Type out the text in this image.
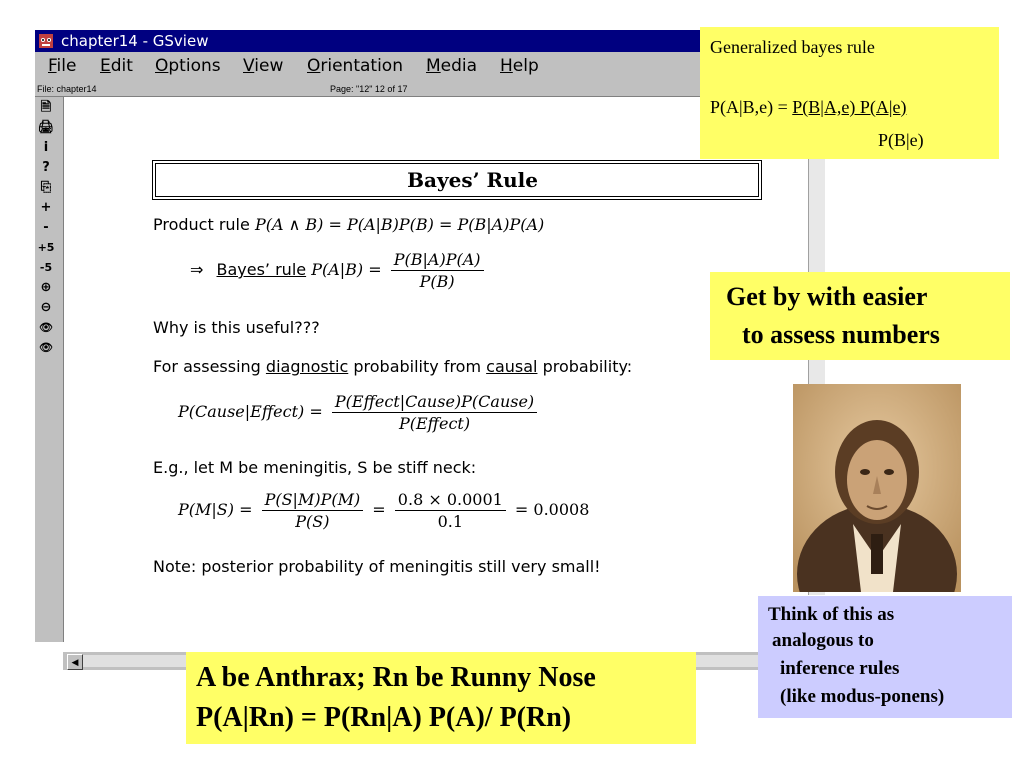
chapter14 - GSview
File Edit Options View Orientation Media Help
File: chapter14	Page: "12" 12 of 17
🗎
🖨
i
?
⎘
+
-
+5
-5
⊕
⊖
👁
👁
◀
Bayes’ Rule
Product rule P(A ∧ B) = P(A|B)P(B) = P(B|A)P(A)
⇒ Bayes’ rule $P(A|B) = \frac{P(B|A)P(A)}{P(B)}$
Why is this useful???
For assessing diagnostic probability from causal probability:
P(Cause|Effect) = $\frac{\text{P(Effect|Cause)P(Cause)}}{\text{P(Effect)}}$
E.g., let M be meningitis, S be stiff neck:
$P(M|S) = \frac{P(S|M)P(M)}{P(S)} = \frac{0.8 \times 0.0001}{0.1} = 0.0008$
Note: posterior probability of meningitis still very small!
Generalized bayes rule
P(A|B,e) = P(B|A,e) P(A|e)
P(B|e)
Get by with easier
to assess numbers
Think of this as
analogous to
inference rules
(like modus-ponens)
A be Anthrax; Rn be Runny Nose
P(A|Rn) = P(Rn|A) P(A)/ P(Rn)
